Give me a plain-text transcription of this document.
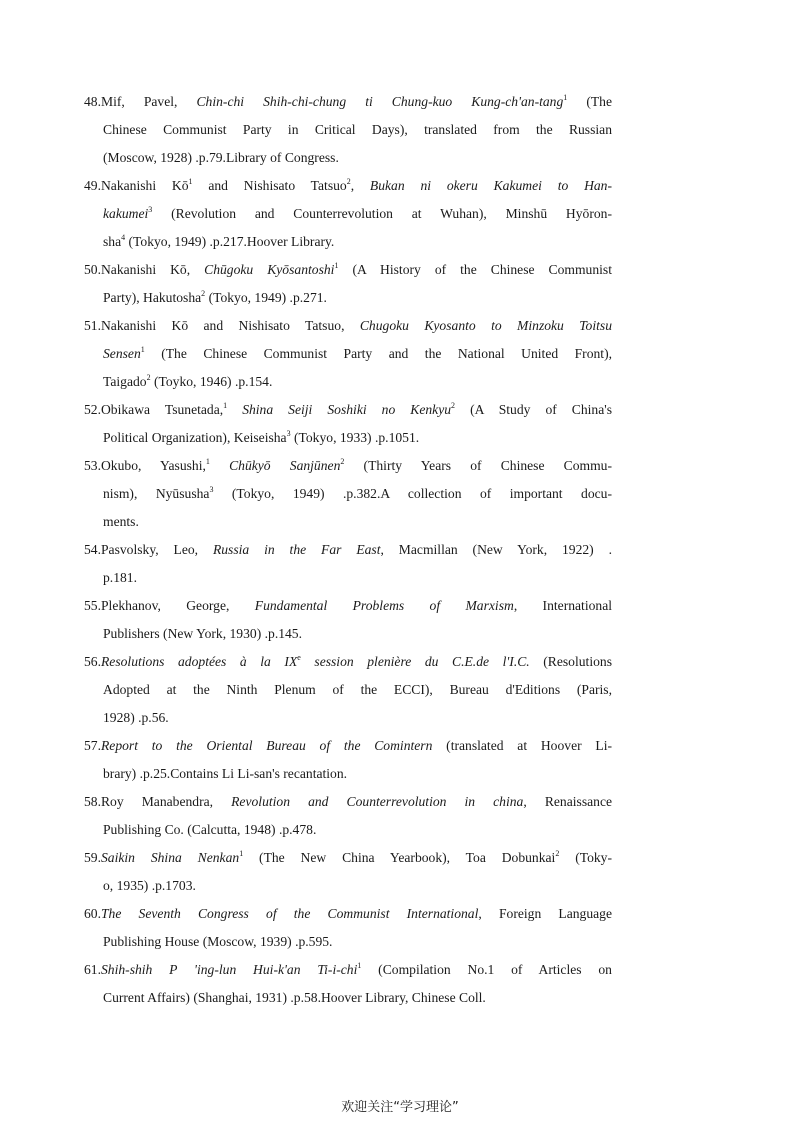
48.Mif, Pavel, Chin-chi Shih-chi-chung ti Chung-kuo Kung-ch'an-tang$^1$ (The
Chinese Communist Party in Critical Days), translated from the Russian
(Moscow, 1928) .p.79.Library of Congress.
49.Nakanishi $Kō^1$ and Nishisato Tatsuo$^2$, Bukan ni okeru Kakumei to Han-
kakumei$^3$ (Revolution and Counterrevolution at Wuhan), Minshū Hyōron-
sha$^4$ (Tokyo, 1949) .p.217.Hoover Library.
50.Nakanishi Kō, Chūgoku Kyōsantoshi$^1$ (A History of the Chinese Communist
Party), Hakutosha$^2$ (Tokyo, 1949) .p.271.
51.Nakanishi Kō and Nishisato Tatsuo, Chugoku Kyosanto to Minzoku Toitsu
Sensen$^1$ (The Chinese Communist Party and the National United Front),
Taigado$^2$ (Toyko, 1946) .p.154.
52.Obikawa Tsunetada,$^1$ Shina Seiji Soshiki no Kenkyu$^2$ (A Study of China's
Political Organization), Keiseisha$^3$ (Tokyo, 1933) .p.1051.
53.Okubo, Yasushi,$^1$ Chūkyō Sanjūnen$^2$ (Thirty Years of Chinese Commu-
nism), Nyūsusha$^3$ (Tokyo, 1949) .p.382.A collection of important docu-
ments.
54.Pasvolsky, Leo, Russia in the Far East, Macmillan (New York, 1922) .
p.181.
55.Plekhanov, George, Fundamental Problems of Marxism, International
Publishers (New York, 1930) .p.145.
56.Resolutions adoptées à la IXe session plenière du C.E.de l'I.C. (Resolutions
Adopted at the Ninth Plenum of the ECCI), Bureau d'Editions (Paris,
1928) .p.56.
57.Report to the Oriental Bureau of the Comintern (translated at Hoover Li-
brary) .p.25.Contains Li Li-san's recantation.
58.Roy Manabendra, Revolution and Counterrevolution in china, Renaissance
Publishing Co. (Calcutta, 1948) .p.478.
59.Saikin Shina Nenkan$^1$ (The New China Yearbook), Toa Dobunkai$^2$ (Toky-
o, 1935) .p.1703.
60.The Seventh Congress of the Communist International, Foreign Language
Publishing House (Moscow, 1939) .p.595.
61.Shih-shih P 'ing-lun Hui-k'an Ti-i-chi$^1$ (Compilation No.1 of Articles on
Current Affairs) (Shanghai, 1931) .p.58.Hoover Library, Chinese Coll.
欢迎关注“学习理论”
